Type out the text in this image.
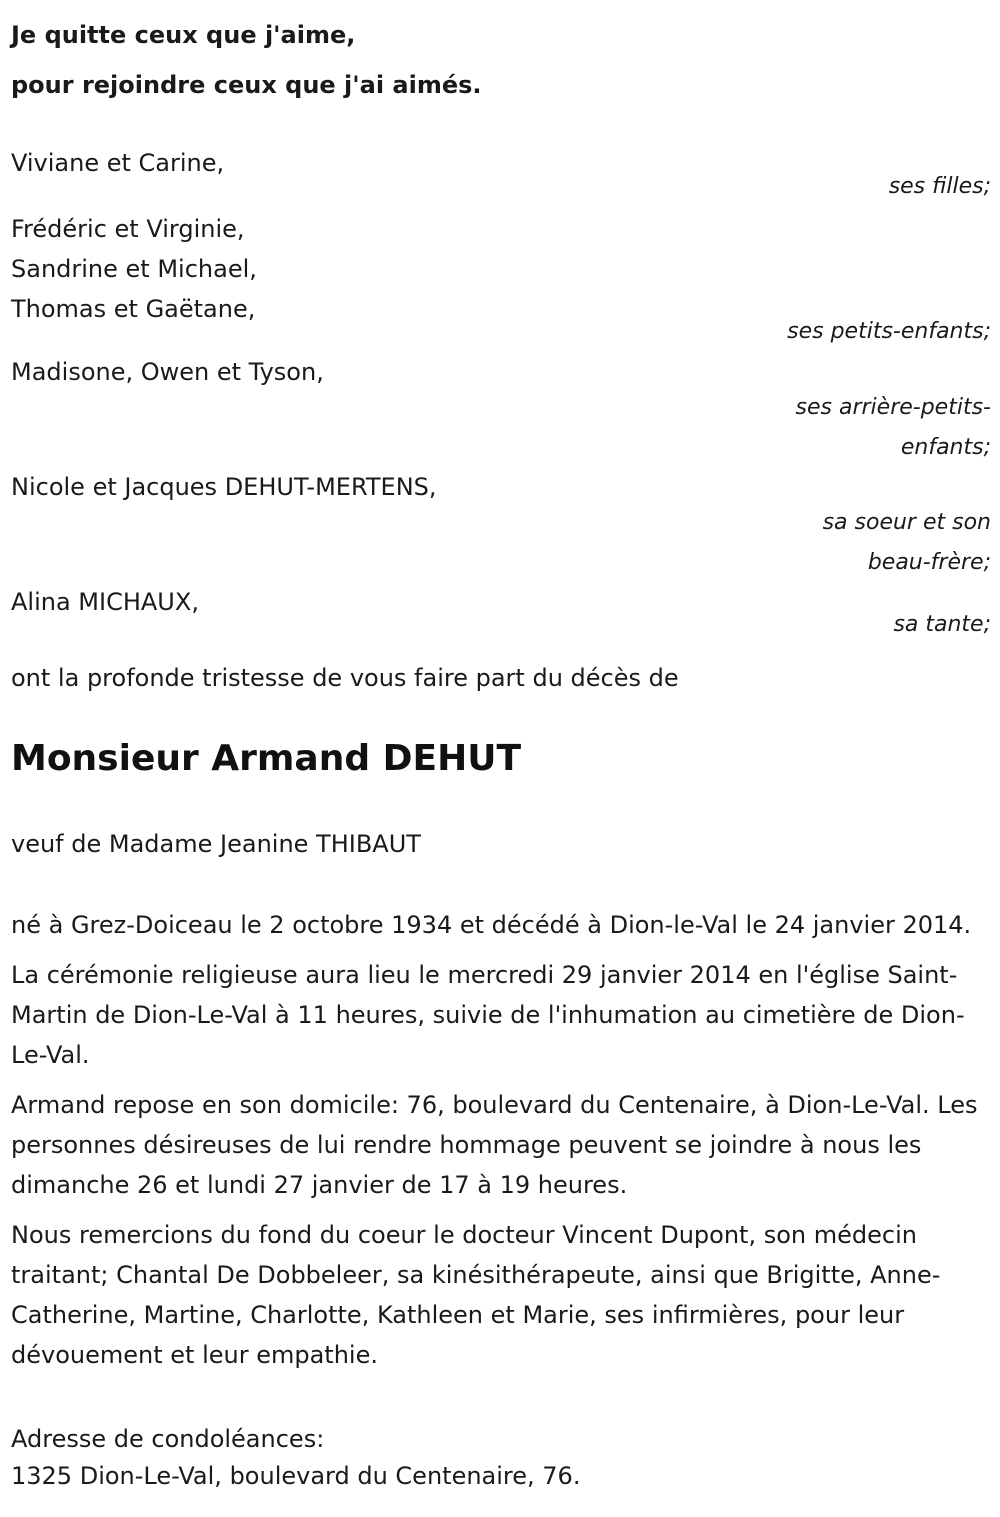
Je quitte ceux que j'aime,
pour rejoindre ceux que j'ai aimés.
Viviane et Carine,
ses filles;
Frédéric et Virginie,
Sandrine et Michael,
Thomas et Gaëtane,
ses petits-enfants;
Madisone, Owen et Tyson,
ses arrière-petits-
enfants;
Nicole et Jacques DEHUT-MERTENS,
sa soeur et son
beau-frère;
Alina MICHAUX,
sa tante;
ont la profonde tristesse de vous faire part du décès de
Monsieur Armand DEHUT
veuf de Madame Jeanine THIBAUT

né à Grez-Doiceau le 2 octobre 1934 et décédé à Dion-le-Val le 24 janvier 2014.

La cérémonie religieuse aura lieu le mercredi 29 janvier 2014 en l'église Saint-Martin de Dion-Le-Val à 11 heures, suivie de l'inhumation au cimetière de Dion-Le-Val.

Armand repose en son domicile: 76, boulevard du Centenaire, à Dion-Le-Val. Les personnes désireuses de lui rendre hommage peuvent se joindre à nous les dimanche 26 et lundi 27 janvier de 17 à 19 heures.

Nous remercions du fond du coeur le docteur Vincent Dupont, son médecin traitant; Chantal De Dobbeleer, sa kinésithérapeute, ainsi que Brigitte, Anne-Catherine, Martine, Charlotte, Kathleen et Marie, ses infirmières, pour leur dévouement et leur empathie.

Adresse de condoléances:
1325 Dion-Le-Val, boulevard du Centenaire, 76.
